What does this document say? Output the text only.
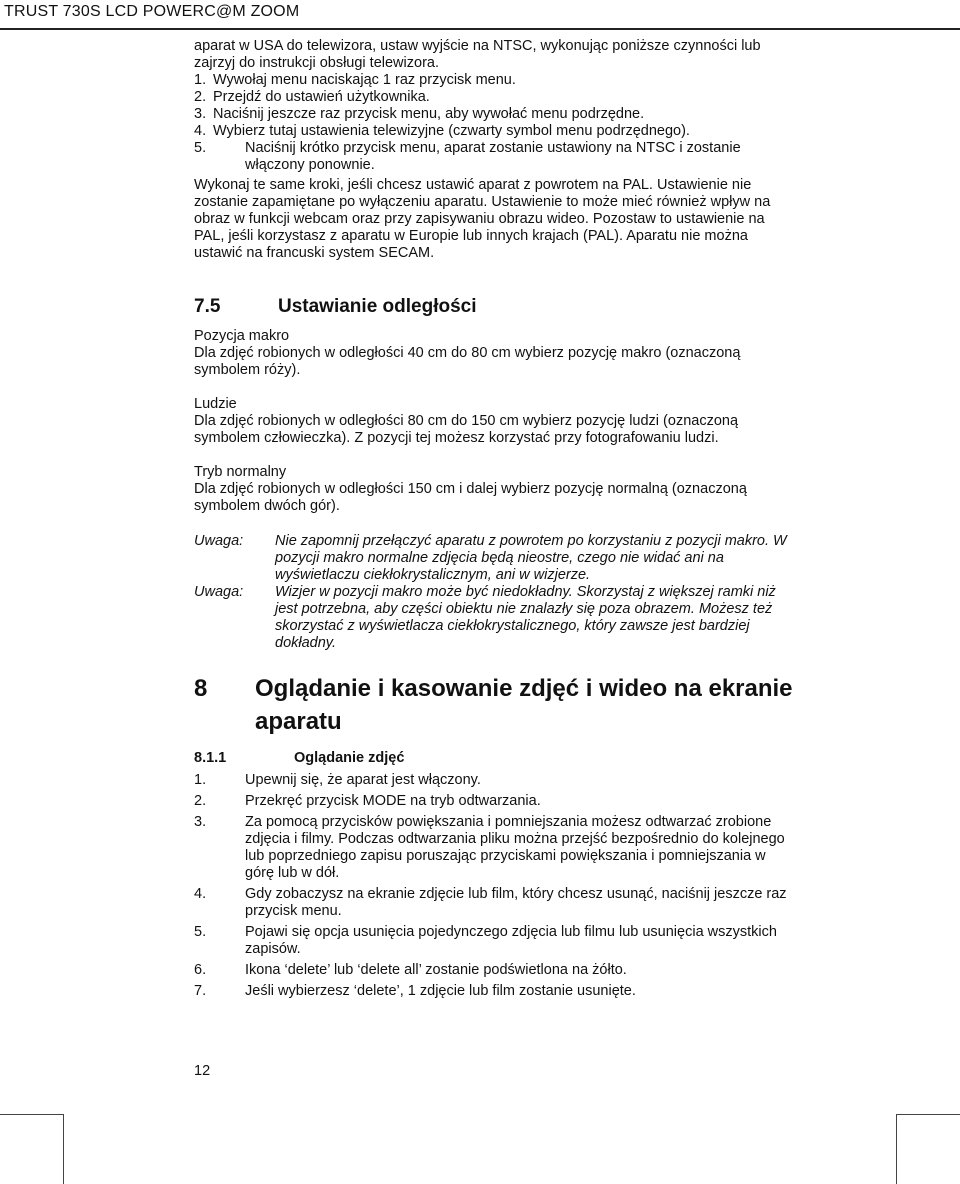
TRUST 730S LCD POWERC@M ZOOM

aparat w USA do telewizora, ustaw wyjście na NTSC, wykonując poniższe czynności lub zajrzyj do instrukcji obsługi telewizora.

1. Wywołaj menu naciskając 1 raz przycisk menu.
2. Przejdź do ustawień użytkownika.
3. Naciśnij jeszcze raz przycisk menu, aby wywołać menu podrzędne.
4. Wybierz tutaj ustawienia telewizyjne (czwarty symbol menu podrzędnego).
5.	Naciśnij krótko przycisk menu, aparat zostanie ustawiony na NTSC i zostanie włączony ponownie.

Wykonaj te same kroki, jeśli chcesz ustawić aparat z powrotem na PAL. Ustawienie nie zostanie zapamiętane po wyłączeniu aparatu. Ustawienie to może mieć również wpływ na obraz w funkcji webcam oraz przy zapisywaniu obrazu wideo. Pozostaw to ustawienie na PAL, jeśli korzystasz z aparatu w Europie lub innych krajach (PAL). Aparatu nie można ustawić na francuski system SECAM.

7.5	Ustawianie odległości

Pozycja makro

Dla zdjęć robionych w odległości 40 cm do 80 cm wybierz pozycję makro (oznaczoną symbolem róży).

Ludzie

Dla zdjęć robionych w odległości 80 cm do 150 cm wybierz pozycję ludzi (oznaczoną symbolem człowieczka). Z pozycji tej możesz korzystać przy fotografowaniu ludzi.

Tryb normalny

Dla zdjęć robionych w odległości 150 cm i dalej wybierz pozycję normalną (oznaczoną symbolem dwóch gór).

Uwaga:	Nie zapomnij przełączyć aparatu z powrotem po korzystaniu z pozycji makro. W pozycji makro normalne zdjęcia będą nieostre, czego nie widać ani na wyświetlaczu ciekłokrystalicznym, ani w wizjerze.
Uwaga:	Wizjer w pozycji makro może być niedokładny. Skorzystaj z większej ramki niż jest potrzebna, aby części obiektu nie znalazły się poza obrazem. Możesz też skorzystać z wyświetlacza ciekłokrystalicznego, który zawsze jest bardziej dokładny.
8 Oglądanie i kasowanie zdjęć i wideo na ekranie aparatu
8.1.1	Oglądanie zdjęć
1.	Upewnij się, że aparat jest włączony.
2.	Przekręć przycisk MODE na tryb odtwarzania.
3.	Za pomocą przycisków powiększania i pomniejszania możesz odtwarzać zrobione zdjęcia i filmy. Podczas odtwarzania pliku można przejść bezpośrednio do kolejnego lub poprzedniego zapisu poruszając przyciskami powiększania i pomniejszania w górę lub w dół.
4.	Gdy zobaczysz na ekranie zdjęcie lub film, który chcesz usunąć, naciśnij jeszcze raz przycisk menu.
5.	Pojawi się opcja usunięcia pojedynczego zdjęcia lub filmu lub usunięcia wszystkich zapisów.
6.	Ikona ‘delete’ lub ‘delete all’ zostanie podświetlona na żółto.
7.	Jeśli wybierzesz ‘delete’, 1 zdjęcie lub film zostanie usunięte.
12
